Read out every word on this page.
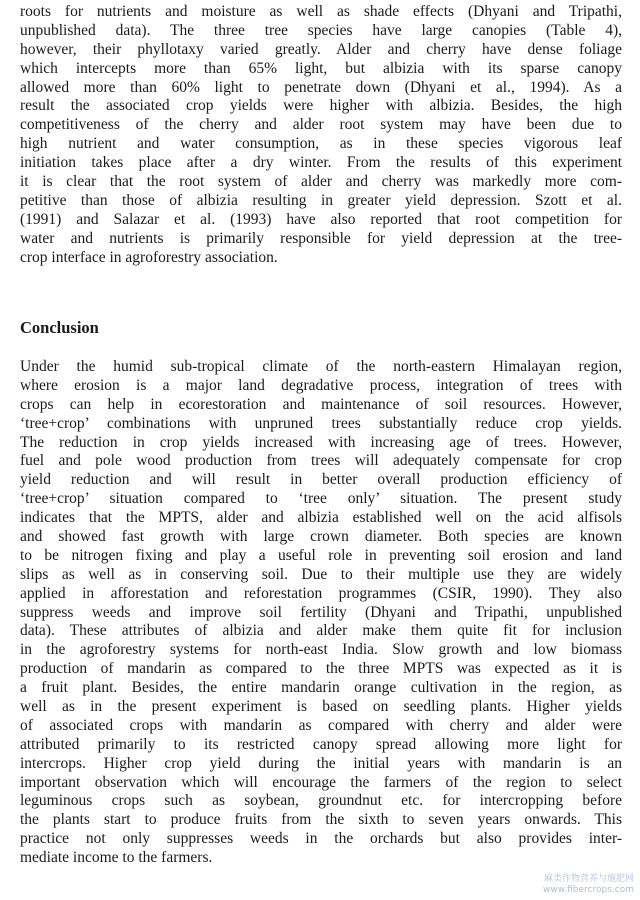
roots for nutrients and moisture as well as shade effects (Dhyani and Tripathi,
unpublished data). The three tree species have large canopies (Table 4),
however, their phyllotaxy varied greatly. Alder and cherry have dense foliage
which intercepts more than 65% light, but albizia with its sparse canopy
allowed more than 60% light to penetrate down (Dhyani et al., 1994). As a
result the associated crop yields were higher with albizia. Besides, the high
competitiveness of the cherry and alder root system may have been due to
high nutrient and water consumption, as in these species vigorous leaf
initiation takes place after a dry winter. From the results of this experiment
it is clear that the root system of alder and cherry was markedly more com-
petitive than those of albizia resulting in greater yield depression. Szott et al.
(1991) and Salazar et al. (1993) have also reported that root competition for
water and nutrients is primarily responsible for yield depression at the tree-
crop interface in agroforestry association.
Conclusion
Under the humid sub-tropical climate of the north-eastern Himalayan region,
where erosion is a major land degradative process, integration of trees with
crops can help in ecorestoration and maintenance of soil resources. However,
‘tree+crop’ combinations with unpruned trees substantially reduce crop yields.
The reduction in crop yields increased with increasing age of trees. However,
fuel and pole wood production from trees will adequately compensate for crop
yield reduction and will result in better overall production efficiency of
‘tree+crop’ situation compared to ‘tree only’ situation. The present study
indicates that the MPTS, alder and albizia established well on the acid alfisols
and showed fast growth with large crown diameter. Both species are known
to be nitrogen fixing and play a useful role in preventing soil erosion and land
slips as well as in conserving soil. Due to their multiple use they are widely
applied in afforestation and reforestation programmes (CSIR, 1990). They also
suppress weeds and improve soil fertility (Dhyani and Tripathi, unpublished
data). These attributes of albizia and alder make them quite fit for inclusion
in the agroforestry systems for north-east India. Slow growth and low biomass
production of mandarin as compared to the three MPTS was expected as it is
a fruit plant. Besides, the entire mandarin orange cultivation in the region, as
well as in the present experiment is based on seedling plants. Higher yields
of associated crops with mandarin as compared with cherry and alder were
attributed primarily to its restricted canopy spread allowing more light for
intercrops. Higher crop yield during the initial years with mandarin is an
important observation which will encourage the farmers of the region to select
leguminous crops such as soybean, groundnut etc. for intercropping before
the plants start to produce fruits from the sixth to seven years onwards. This
practice not only suppresses weeds in the orchards but also provides inter-
mediate income to the farmers.
麻类作物营养与施肥网
www.fibercrops.com
